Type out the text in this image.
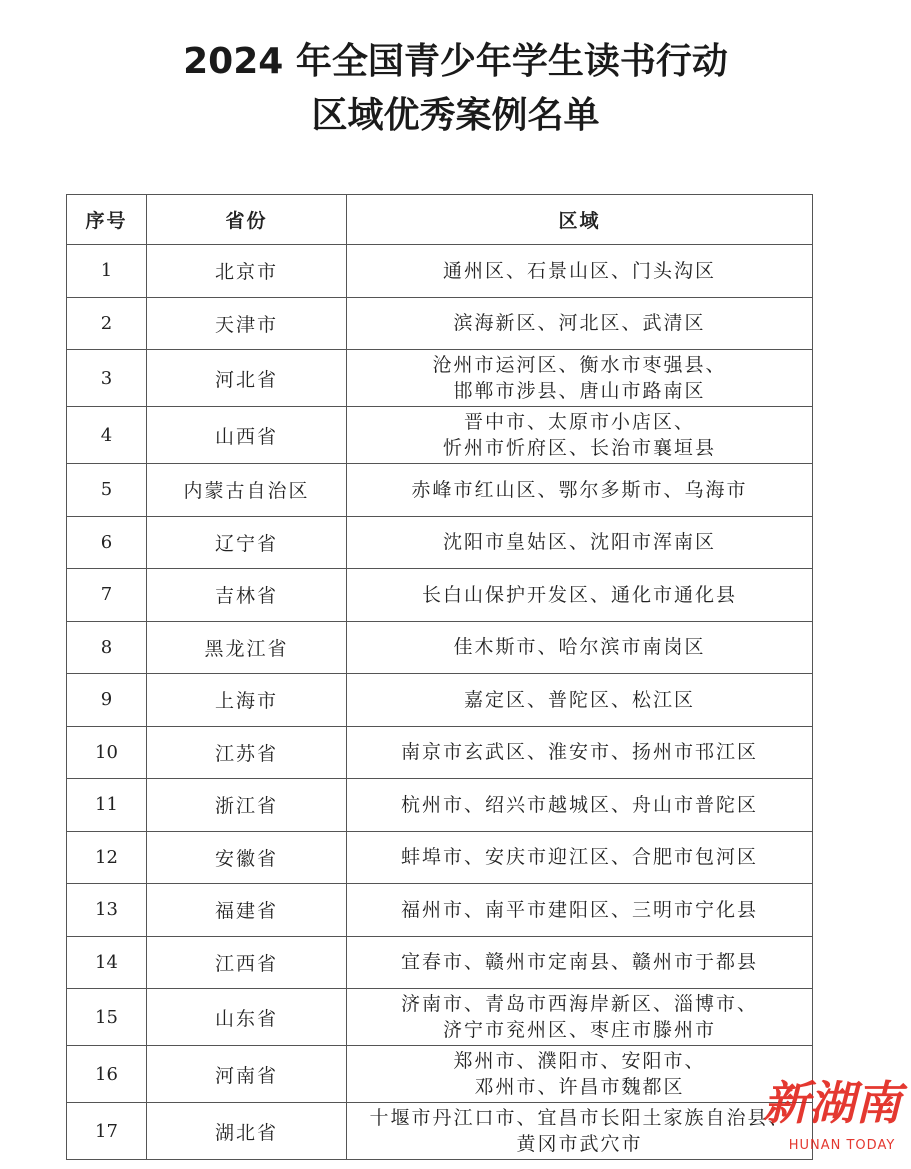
2024 年全国青少年学生读书行动
区域优秀案例名单
序号	省份	区域
1	北京市	通州区、石景山区、门头沟区

2	天津市	滨海新区、河北区、武清区

3	河北省	沧州市运河区、衡水市枣强县、
邯郸市涉县、唐山市路南区

4	山西省	晋中市、太原市小店区、
忻州市忻府区、长治市襄垣县

5	内蒙古自治区	赤峰市红山区、鄂尔多斯市、乌海市

6	辽宁省	沈阳市皇姑区、沈阳市浑南区

7	吉林省	长白山保护开发区、通化市通化县

8	黑龙江省	佳木斯市、哈尔滨市南岗区

9	上海市	嘉定区、普陀区、松江区

10	江苏省	南京市玄武区、淮安市、扬州市邗江区

11	浙江省	杭州市、绍兴市越城区、舟山市普陀区

12	安徽省	蚌埠市、安庆市迎江区、合肥市包河区

13	福建省	福州市、南平市建阳区、三明市宁化县

14	江西省	宜春市、赣州市定南县、赣州市于都县

15	山东省	济南市、青岛市西海岸新区、淄博市、
济宁市兖州区、枣庄市滕州市

16	河南省	郑州市、濮阳市、安阳市、
邓州市、许昌市魏都区

17	湖北省	十堰市丹江口市、宜昌市长阳土家族自治县、
黄冈市武穴市
新湖南
HUNAN TODAY
